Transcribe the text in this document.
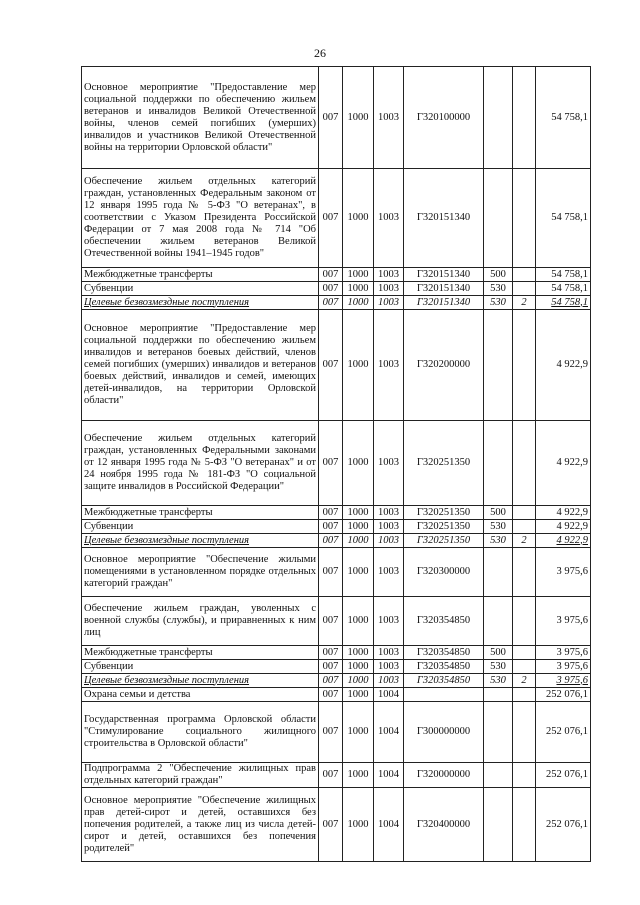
26
Основное мероприятие "Предоставление мер социальной поддержки по обеспечению жильем ветеранов и инвалидов Великой Отечественной войны, членов семей погибших (умерших) инвалидов и участников Великой Отечественной войны на территории Орловской области"	007	1000	1003	Г320100000			54 758,1
Обеспечение жильем отдельных категорий граждан, установленных Федеральным законом от 12 января 1995 года № 5-ФЗ "О ветеранах", в соответствии с Указом Президента Российской Федерации от 7 мая 2008 года № 714 "Об обеспечении жильем ветеранов Великой Отечественной войны 1941–1945 годов"	007	1000	1003	Г320151340			54 758,1
Межбюджетные трансферты	007	1000	1003	Г320151340	500		54 758,1
Субвенции	007	1000	1003	Г320151340	530		54 758,1
Целевые безвозмездные поступления	007	1000	1003	Г320151340	530	2	54 758,1
Основное мероприятие "Предоставление мер социальной поддержки по обеспечению жильем инвалидов и ветеранов боевых действий, членов семей погибших (умерших) инвалидов и ветеранов боевых действий, инвалидов и семей, имеющих детей-инвалидов, на территории Орловской области"	007	1000	1003	Г320200000			4 922,9
Обеспечение жильем отдельных категорий граждан, установленных Федеральными законами от 12 января 1995 года № 5-ФЗ "О ветеранах" и от 24 ноября 1995 года № 181-ФЗ "О социальной защите инвалидов в Российской Федерации"	007	1000	1003	Г320251350			4 922,9
Межбюджетные трансферты	007	1000	1003	Г320251350	500		4 922,9
Субвенции	007	1000	1003	Г320251350	530		4 922,9
Целевые безвозмездные поступления	007	1000	1003	Г320251350	530	2	4 922,9
Основное мероприятие "Обеспечение жилыми помещениями в установленном порядке отдельных категорий граждан"	007	1000	1003	Г320300000			3 975,6
Обеспечение жильем граждан, уволенных с военной службы (службы), и приравненных к ним лиц	007	1000	1003	Г320354850			3 975,6
Межбюджетные трансферты	007	1000	1003	Г320354850	500		3 975,6
Субвенции	007	1000	1003	Г320354850	530		3 975,6
Целевые безвозмездные поступления	007	1000	1003	Г320354850	530	2	3 975,6
Охрана семьи и детства	007	1000	1004				252 076,1
Государственная программа Орловской области "Стимулирование социального жилищного строительства в Орловской области"	007	1000	1004	Г300000000			252 076,1
Подпрограмма 2 "Обеспечение жилищных прав отдельных категорий граждан"	007	1000	1004	Г320000000			252 076,1
Основное мероприятие "Обеспечение жилищных прав детей-сирот и детей, оставшихся без попечения родителей, а также лиц из числа детей-сирот и детей, оставшихся без попечения родителей"	007	1000	1004	Г320400000			252 076,1
